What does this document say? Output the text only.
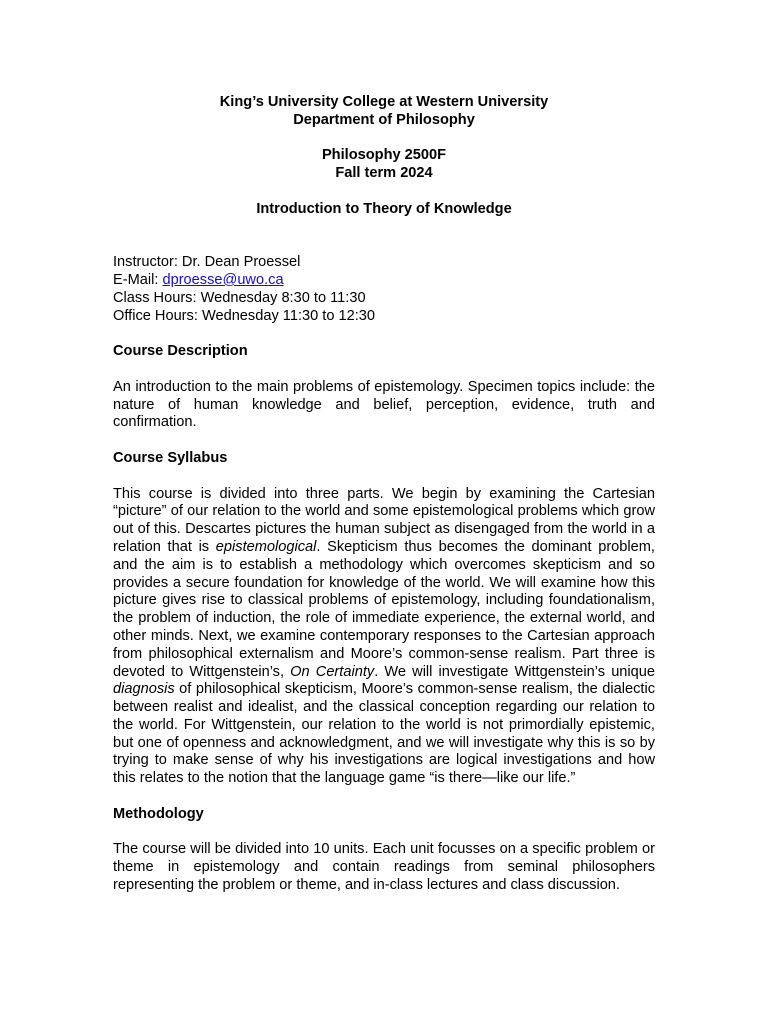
King’s University College at Western University
Department of Philosophy
Philosophy 2500F
Fall term 2024
Introduction to Theory of Knowledge
Instructor: Dr. Dean Proessel
E-Mail: dproesse@uwo.ca
Class Hours: Wednesday 8:30 to 11:30
Office Hours: Wednesday 11:30 to 12:30
Course Description
An introduction to the main problems of epistemology. Specimen topics include: the nature of human knowledge and belief, perception, evidence, truth and confirmation.
Course Syllabus
This course is divided into three parts. We begin by examining the Cartesian “picture” of our relation to the world and some epistemological problems which grow out of this. Descartes pictures the human subject as disengaged from the world in a relation that is epistemological. Skepticism thus becomes the dominant problem, and the aim is to establish a methodology which overcomes skepticism and so provides a secure foundation for knowledge of the world. We will examine how this picture gives rise to classical problems of epistemology, including foundationalism, the problem of induction, the role of immediate experience, the external world, and other minds. Next, we examine contemporary responses to the Cartesian approach from philosophical externalism and Moore’s common-sense realism. Part three is devoted to Wittgenstein’s, On Certainty. We will investigate Wittgenstein’s unique diagnosis of philosophical skepticism, Moore’s common-sense realism, the dialectic between realist and idealist, and the classical conception regarding our relation to the world. For Wittgenstein, our relation to the world is not primordially epistemic, but one of openness and acknowledgment, and we will investigate why this is so by trying to make sense of why his investigations are logical investigations and how this relates to the notion that the language game “is there—like our life.”
Methodology
The course will be divided into 10 units. Each unit focusses on a specific problem or theme in epistemology and contain readings from seminal philosophers representing the problem or theme, and in-class lectures and class discussion.
